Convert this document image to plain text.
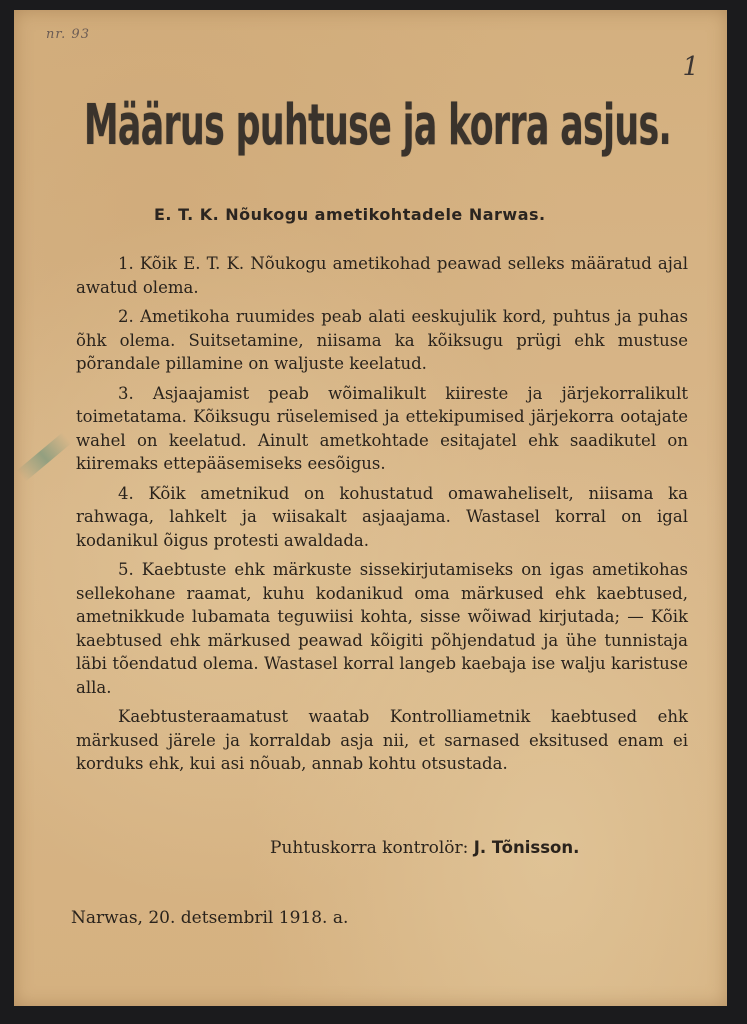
nr. 93
1
Määrus puhtuse ja korra asjus.
E. T. K. Nõukogu ametikohtadele Narwas.

1. Kõik E. T. K. Nõukogu ametikohad peawad selleks määratud ajal awatud olema.

2. Ametikoha ruumides peab alati eeskujulik kord, puhtus ja puhas õhk olema. Suitsetamine, niisama ka kõiksugu prügi ehk mustuse põrandale pillamine on waljuste keelatud.

3. Asjaajamist peab wõimalikult kiireste ja järjekorralikult toimetatama. Kõiksugu rüselemised ja ettekipumised järjekorra ootajate wahel on keelatud. Ainult ametkohtade esitajatel ehk saadikutel on kiiremaks ettepääsemiseks eesõigus.

4. Kõik ametnikud on kohustatud omawaheliselt, niisama ka rahwaga, lahkelt ja wiisakalt asjaajama. Wastasel korral on igal kodanikul õigus protesti awaldada.

5. Kaebtuste ehk märkuste sissekirjutamiseks on igas ametikohas sellekohane raamat, kuhu kodanikud oma märkused ehk kaebtused, ametnikkude lubamata teguwiisi kohta, sisse wõiwad kirjutada; — Kõik kaebtused ehk märkused peawad kõigiti põhjendatud ja ühe tunnistaja läbi tõendatud olema. Wastasel korral langeb kaebaja ise walju karistuse alla.

Kaebtusteraamatust waatab Kontrolliametnik kaebtused ehk märkused järele ja korraldab asja nii, et sarnased eksitused enam ei korduks ehk, kui asi nõuab, annab kohtu otsustada.

Puhtuskorra kontrolör: J. Tõnisson.
Narwas, 20. detsembril 1918. a.
